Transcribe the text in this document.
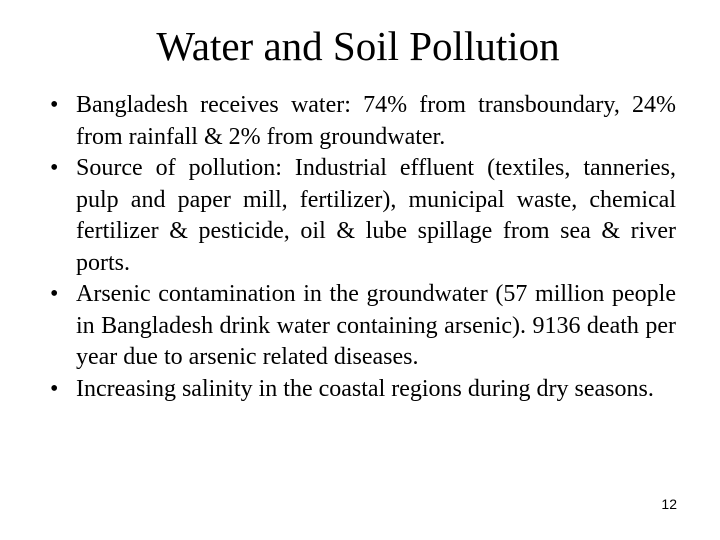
Water and Soil Pollution
• Bangladesh receives water: 74% from transboundary, 24% from rainfall & 2% from groundwater.
• Source of pollution: Industrial effluent (textiles, tanneries, pulp and paper mill, fertilizer), municipal waste, chemical fertilizer & pesticide, oil & lube spillage from sea & river ports.
• Arsenic contamination in the groundwater (57 million people in Bangladesh drink water containing arsenic). 9136 death per year due to arsenic related diseases.
• Increasing salinity in the coastal regions during dry seasons.
12
